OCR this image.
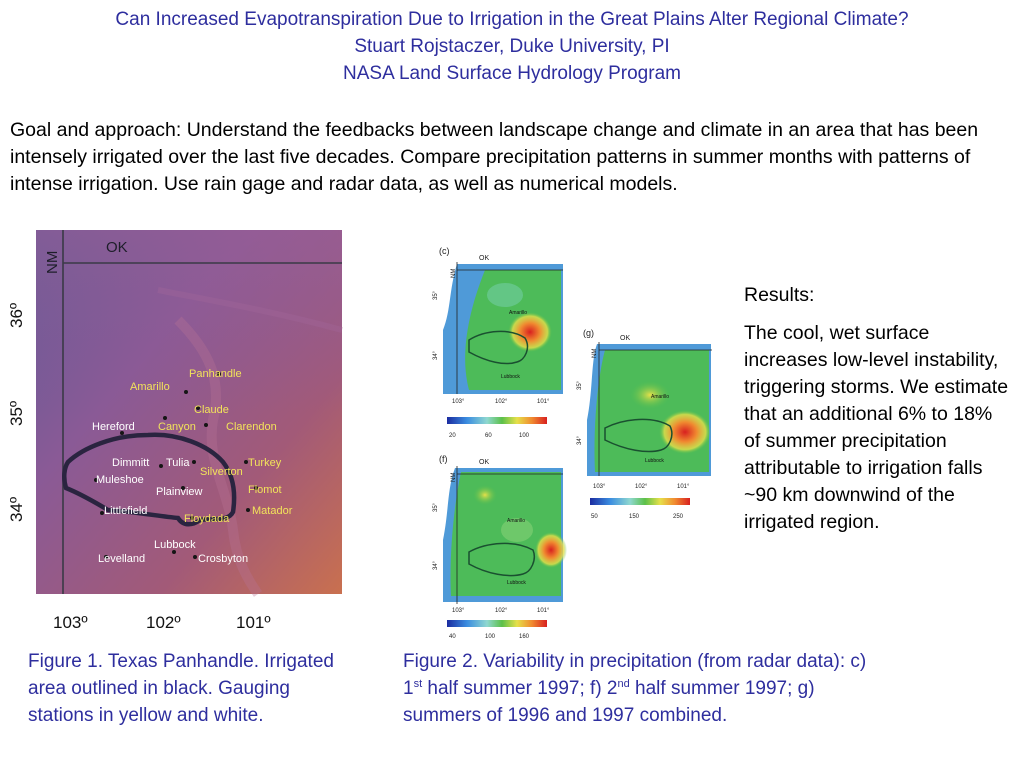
Can Increased Evapotranspiration Due to Irrigation in the Great Plains Alter Regional Climate?
Stuart Rojstaczer, Duke University, PI
NASA Land Surface Hydrology Program
Goal and approach: Understand the feedbacks between landscape change and climate in an area that has been intensely irrigated over the last five decades. Compare precipitation patterns in summer months with patterns of intense irrigation. Use rain gage and radar data, as well as numerical models.
OK
NM
36º
35º
34º
103º	102º	101º
Amarillo
Panhandle
Claude
Canyon	Clarendon
Turkey
Silverton
Flomot
Matador
Floydada
Hereford
Dimmitt Tulia
Muleshoe
Plainview
Littlefield
Lubbock
Levelland	Crosbyton
(c)
OK
NM
35°
34°
Amarillo
Lubbock
103°	102°	101°
20	60	100
(g)
OK
NM
35°
34°
Amarillo
Lubbock
103°	102°	101°
50	150	250
(f)	OK
NM
35°
34°
Amarillo
Lubbock
103°	102°	101°
40	100	160

Results:

The cool, wet surface increases low-level instability, triggering storms. We estimate that an additional 6% to 18% of summer precipitation attributable to irrigation falls ~90 km downwind of the irrigated region.

Figure 1. Texas Panhandle. Irrigated area outlined in black. Gauging stations in yellow and white.
Figure 2. Variability in precipitation (from radar data): c) 1st half summer 1997; f) 2nd half summer 1997; g) summers of 1996 and 1997 combined.
